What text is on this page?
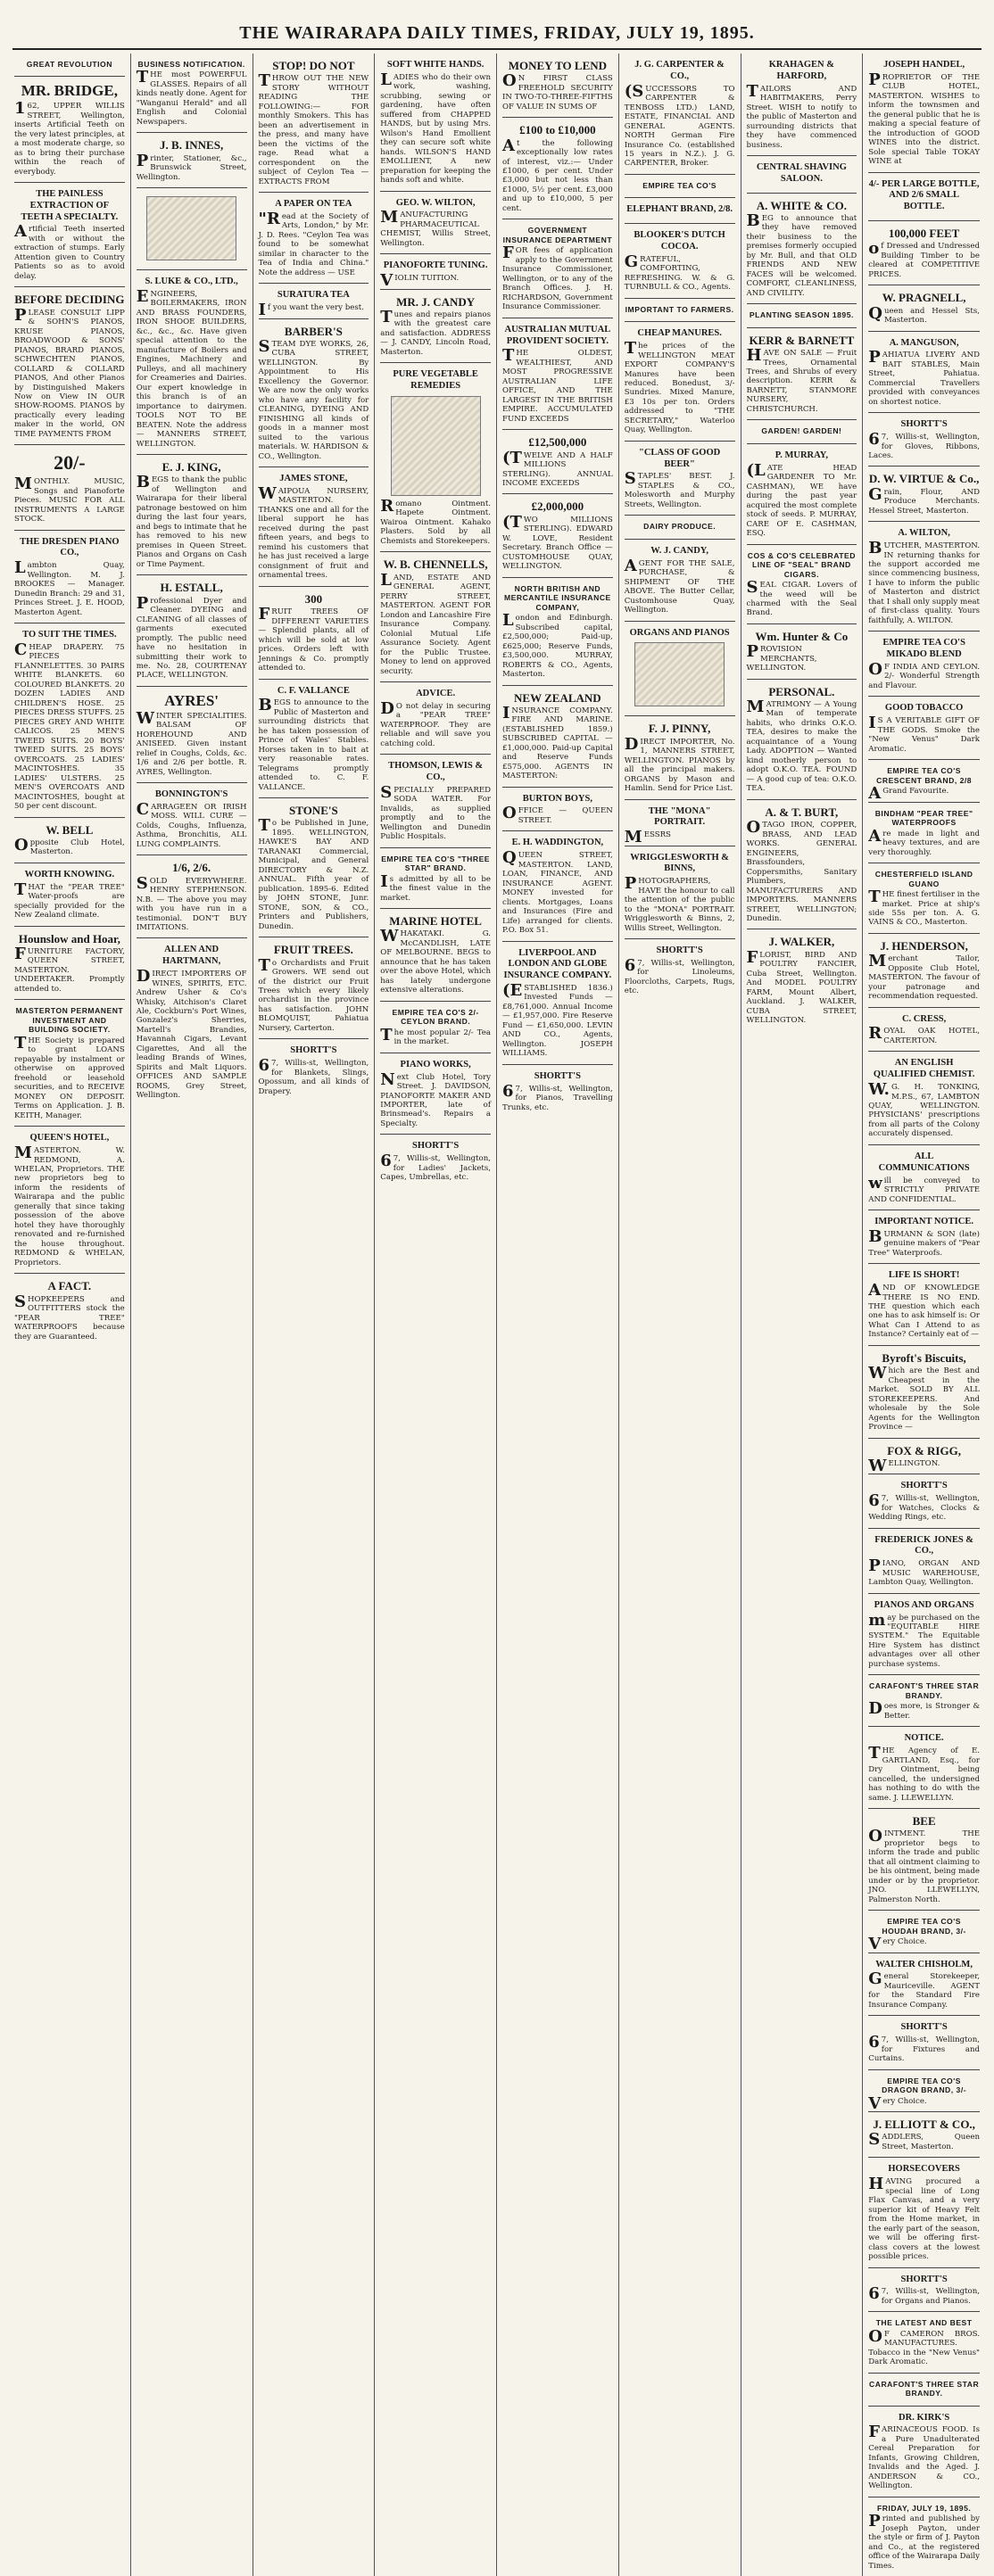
THE WAIRARAPA DAILY TIMES, FRIDAY, JULY 19, 1895.
GREAT REVOLUTION
MR. BRIDGE,
162, UPPER WILLIS STREET, Wellington, inserts Artificial Teeth on the very latest principles, at a most moderate charge, so as to bring their purchase within the reach of everybody.
THE PAINLESS EXTRACTION OF TEETH A SPECIALTY.
Artificial Teeth inserted with or without the extraction of stumps. Early Attention given to Country Patients so as to avoid delay.
BEFORE DECIDING
PLEASE CONSULT LIPP & SOHN'S PIANOS, KRUSE PIANOS, BROADWOOD & SONS' PIANOS, BRARD PIANOS, SCHWECHTEN PIANOS, COLLARD & COLLARD PIANOS, And other Pianos by Distinguished Makers Now on View IN OUR SHOW-ROOMS. PIANOS by practically every leading maker in the world, ON TIME PAYMENTS FROM
20/-
MONTHLY. MUSIC, Songs and Pianoforte Pieces. MUSIC FOR ALL INSTRUMENTS A LARGE STOCK.
THE DRESDEN PIANO CO.,
Lambton Quay, Wellington. M. J. BROOKES — Manager. Dunedin Branch: 29 and 31, Princes Street. J. E. HOOD, Masterton Agent.
TO SUIT THE TIMES.
CHEAP DRAPERY. 75 PIECES FLANNELETTES. 30 PAIRS WHITE BLANKETS. 60 COLOURED BLANKETS. 20 DOZEN LADIES AND CHILDREN'S HOSE. 25 PIECES DRESS STUFFS. 25 PIECES GREY AND WHITE CALICOS. 25 MEN'S TWEED SUITS. 20 BOYS' TWEED SUITS. 25 BOYS' OVERCOATS. 25 LADIES' MACINTOSHES. 35 LADIES' ULSTERS. 25 MEN'S OVERCOATS AND MACINTOSHES, bought at 50 per cent discount.
W. BELL
Opposite Club Hotel, Masterton.
WORTH KNOWING.
THAT the "PEAR TREE" Water-proofs are specially provided for the New Zealand climate.
Hounslow and Hoar,
FURNITURE FACTORY, QUEEN STREET, MASTERTON. UNDERTAKER. Promptly attended to.
MASTERTON PERMANENT INVESTMENT AND BUILDING SOCIETY.
THE Society is prepared to grant LOANS repayable by instalment or otherwise on approved freehold or leasehold securities, and to RECEIVE MONEY ON DEPOSIT. Terms on Application. J. B. KEITH, Manager.
QUEEN'S HOTEL,
MASTERTON. W. REDMOND, A. WHELAN, Proprietors. THE new proprietors beg to inform the residents of Wairarapa and the public generally that since taking possession of the above hotel they have thoroughly renovated and re-furnished the house throughout. REDMOND & WHELAN, Proprietors.
A FACT.
SHOPKEEPERS and OUTFITTERS stock the "PEAR TREE" WATERPROOFS because they are Guaranteed.
BUSINESS NOTIFICATION.
THE most POWERFUL GLASSES. Repairs of all kinds neatly done. Agent for "Wanganui Herald" and all English and Colonial Newspapers.
J. B. INNES,
Printer, Stationer, &c., Brunswick Street, Wellington.
S. LUKE & CO., LTD.,
ENGINEERS, BOILERMAKERS, IRON AND BRASS FOUNDERS, IRON SHOOE BUILDERS, &c., &c., &c. Have given special attention to the manufacture of Boilers and Engines, Machinery and Pulleys, and all machinery for Creameries and Dairies. Our expert knowledge in this branch is of an importance to dairymen. TOOLS NOT TO BE BEATEN. Note the address — MANNERS STREET, WELLINGTON.
E. J. KING,
BEGS to thank the public of Wellington and Wairarapa for their liberal patronage bestowed on him during the last four years, and begs to intimate that he has removed to his new premises in Queen Street. Pianos and Organs on Cash or Time Payment.
H. ESTALL,
Professional Dyer and Cleaner. DYEING and CLEANING of all classes of garments executed promptly. The public need have no hesitation in submitting their work to me. No. 28, COURTENAY PLACE, WELLINGTON.
AYRES'
WINTER SPECIALITIES. BALSAM OF HOREHOUND AND ANISEED. Given instant relief in Coughs, Colds, &c. 1/6 and 2/6 per bottle. R. AYRES, Wellington.
BONNINGTON'S
CARRAGEEN OR IRISH MOSS. WILL CURE — Colds, Coughs, Influenza, Asthma, Bronchitis, ALL LUNG COMPLAINTS.
1/6, 2/6.
SOLD EVERYWHERE. HENRY STEPHENSON. N.B. — The above you may with you have run in a testimonial. DON'T BUY IMITATIONS.
ALLEN AND HARTMANN,
DIRECT IMPORTERS OF WINES, SPIRITS, ETC. Andrew Usher & Co's Whisky, Aitchison's Claret Ale, Cockburn's Port Wines, Gonzalez's Sherries, Martell's Brandies, Havannah Cigars, Levant Cigarettes, And all the leading Brands of Wines, Spirits and Malt Liquors. OFFICES AND SAMPLE ROOMS, Grey Street, Wellington.
STOP! DO NOT
THROW OUT THE NEW STORY WITHOUT READING THE FOLLOWING:— FOR monthly Smokers. This has been an advertisement in the press, and many have been the victims of the rage. Read what a correspondent on the subject of Ceylon Tea — EXTRACTS FROM
A PAPER ON TEA
"Read at the Society of Arts, London," by Mr. J. D. Rees. "Ceylon Tea was found to be somewhat similar in character to the Tea of India and China." Note the address — USE
SURATURA TEA
If you want the very best.
BARBER'S
STEAM DYE WORKS, 26, CUBA STREET, WELLINGTON. By Appointment to His Excellency the Governor. We are now the only works who have any facility for CLEANING, DYEING AND FINISHING all kinds of goods in a manner most suited to the various materials. W. HARDISON & CO., Wellington.
JAMES STONE,
WAIPOUA NURSERY, MASTERTON. THANKS one and all for the liberal support he has received during the past fifteen years, and begs to remind his customers that he has just received a large consignment of fruit and ornamental trees.
300
FRUIT TREES OF DIFFERENT VARIETIES — Splendid plants, all of which will be sold at low prices. Orders left with Jennings & Co. promptly attended to.
C. F. VALLANCE
BEGS to announce to the Public of Masterton and surrounding districts that he has taken possession of Prince of Wales' Stables. Horses taken in to bait at very reasonable rates. Telegrams promptly attended to. C. F. VALLANCE.
STONE'S
To be Published in June, 1895. WELLINGTON, HAWKE'S BAY AND TARANAKI Commercial, Municipal, and General DIRECTORY & N.Z. ANNUAL. Fifth year of publication. 1895-6. Edited by JOHN STONE, Junr. STONE, SON, & CO., Printers and Publishers, Dunedin.
FRUIT TREES.
To Orchardists and Fruit Growers. WE send out of the district our Fruit Trees which every likely orchardist in the province has satisfaction. JOHN BLOMQUIST, Pahiatua Nursery, Carterton.
SHORTT'S
67, Willis-st, Wellington, for Blankets, Slings, Opossum, and all kinds of Drapery.
SOFT WHITE HANDS.
LADIES who do their own work, washing, scrubbing, sewing or gardening, have often suffered from CHAPPED HANDS, but by using Mrs. Wilson's Hand Emollient they can secure soft white hands. WILSON'S HAND EMOLLIENT, A new preparation for keeping the hands soft and white.
GEO. W. WILTON,
MANUFACTURING PHARMACEUTICAL CHEMIST, Willis Street, Wellington.
PIANOFORTE TUNING.
VIOLIN TUITION.
MR. J. CANDY
Tunes and repairs pianos with the greatest care and satisfaction. ADDRESS — J. CANDY, Lincoln Road, Masterton.
PURE VEGETABLE REMEDIES
Romano Ointment. Hapete Ointment. Wairoa Ointment. Kahako Plasters. Sold by all Chemists and Storekeepers.
W. B. CHENNELLS,
LAND, ESTATE AND GENERAL AGENT, PERRY STREET, MASTERTON. AGENT FOR London and Lancashire Fire Insurance Company. Colonial Mutual Life Assurance Society. Agent for the Public Trustee. Money to lend on approved security.
ADVICE.
DO not delay in securing a "PEAR TREE" WATERPROOF. They are reliable and will save you catching cold.
THOMSON, LEWIS & CO.,
SPECIALLY PREPARED SODA WATER. For Invalids, as supplied promptly and to the Wellington and Dunedin Public Hospitals.
EMPIRE TEA CO'S "THREE STAR" BRAND.
Is admitted by all to be the finest value in the market.
MARINE HOTEL
WHAKATAKI. G. McCANDLISH, LATE OF MELBOURNE. BEGS to announce that he has taken over the above Hotel, which has lately undergone extensive alterations.
EMPIRE TEA CO'S 2/- CEYLON BRAND.
The most popular 2/- Tea in the market.
PIANO WORKS,
Next Club Hotel, Tory Street. J. DAVIDSON, PIANOFORTE MAKER AND IMPORTER, late of Brinsmead's. Repairs a Specialty.
SHORTT'S
67, Willis-st, Wellington, for Ladies' Jackets, Capes, Umbrellas, etc.
MONEY TO LEND
ON FIRST CLASS FREEHOLD SECURITY IN TWO-TO-THREE-FIFTHS OF VALUE IN SUMS OF
£100 to £10,000
At the following exceptionally low rates of interest, viz.:— Under £1000, 6 per cent. Under £3,000 but not less than £1000, 5½ per cent. £3,000 and up to £10,000, 5 per cent.
GOVERNMENT INSURANCE DEPARTMENT
FOR fees of application apply to the Government Insurance Commissioner, Wellington, or to any of the Branch Offices. J. H. RICHARDSON, Government Insurance Commissioner.
AUSTRALIAN MUTUAL PROVIDENT SOCIETY.
THE OLDEST, WEALTHIEST, AND MOST PROGRESSIVE AUSTRALIAN LIFE OFFICE, AND THE LARGEST IN THE BRITISH EMPIRE. ACCUMULATED FUND EXCEEDS
£12,500,000
(TWELVE AND A HALF MILLIONS STERLING). ANNUAL INCOME EXCEEDS
£2,000,000
(TWO MILLIONS STERLING). EDWARD W. LOVE, Resident Secretary. Branch Office — CUSTOMHOUSE QUAY, WELLINGTON.
NORTH BRITISH AND MERCANTILE INSURANCE COMPANY,
London and Edinburgh. Subscribed capital, £2,500,000; Paid-up, £625,000; Reserve Funds, £3,500,000. MURRAY, ROBERTS & CO., Agents, Masterton.
NEW ZEALAND
INSURANCE COMPANY. FIRE AND MARINE. (ESTABLISHED 1859.) SUBSCRIBED CAPITAL — £1,000,000. Paid-up Capital and Reserve Funds £575,000. AGENTS IN MASTERTON:
BURTON BOYS,
OFFICE — QUEEN STREET.
E. H. WADDINGTON,
QUEEN STREET, MASTERTON. LAND, LOAN, FINANCE, AND INSURANCE AGENT. MONEY invested for clients. Mortgages, Loans and Insurances (Fire and Life) arranged for clients. P.O. Box 51.
LIVERPOOL AND LONDON AND GLOBE INSURANCE COMPANY.
(ESTABLISHED 1836.) Invested Funds — £8,761,000. Annual Income — £1,957,000. Fire Reserve Fund — £1,650,000. LEVIN AND CO., Agents, Wellington. JOSEPH WILLIAMS.
SHORTT'S
67, Willis-st, Wellington, for Pianos, Travelling Trunks, etc.
J. G. CARPENTER & CO.,
(SUCCESSORS TO CARPENTER & TENBOSS LTD.) LAND, ESTATE, FINANCIAL AND GENERAL AGENTS. NORTH German Fire Insurance Co. (established 15 years in N.Z.). J. G. CARPENTER, Broker.
EMPIRE TEA CO'S
ELEPHANT BRAND, 2/8.
BLOOKER'S DUTCH COCOA.
GRATEFUL, COMFORTING, REFRESHING. W. & G. TURNBULL & CO., Agents.
IMPORTANT TO FARMERS.
CHEAP MANURES.
The prices of the WELLINGTON MEAT EXPORT COMPANY'S Manures have been reduced. Bonedust, 3/- Sundries. Mixed Manure, £3 10s per ton. Orders addressed to "THE SECRETARY," Waterloo Quay, Wellington.
"CLASS OF GOOD BEER"
STAPLES' BEST. J. STAPLES & CO., Molesworth and Murphy Streets, Wellington.
DAIRY PRODUCE.
W. J. CANDY,
AGENT FOR THE SALE, PURCHASE, & SHIPMENT OF THE ABOVE. The Butter Cellar, Customhouse Quay, Wellington.
ORGANS AND PIANOS
F. J. PINNY,
DIRECT IMPORTER, No. 1, MANNERS STREET, WELLINGTON. PIANOS by all the principal makers. ORGANS by Mason and Hamlin. Send for Price List.
THE "MONA" PORTRAIT.
MESSRS
WRIGGLESWORTH & BINNS,
PHOTOGRAPHERS, HAVE the honour to call the attention of the public to the "MONA" PORTRAIT. Wrigglesworth & Binns, 2, Willis Street, Wellington.
SHORTT'S
67, Willis-st, Wellington, for Linoleums, Floorcloths, Carpets, Rugs, etc.
KRAHAGEN & HARFORD,
TAILORS AND HABITMAKERS, Perry Street. WISH to notify to the public of Masterton and surrounding districts that they have commenced business.
CENTRAL SHAVING SALOON.
A. WHITE & CO.
BEG to announce that they have removed their business to the premises formerly occupied by Mr. Bull, and that OLD FRIENDS AND NEW FACES will be welcomed. COMFORT, CLEANLINESS, AND CIVILITY.
PLANTING SEASON 1895.
KERR & BARNETT
HAVE ON SALE — Fruit Trees, Ornamental Trees, and Shrubs of every description. KERR & BARNETT, STANMORE NURSERY, CHRISTCHURCH.
GARDEN! GARDEN!
P. MURRAY,
(LATE HEAD GARDENER TO Mr. CASHMAN), WE have during the past year acquired the most complete stock of seeds. P. MURRAY, CARE OF E. CASHMAN, ESQ.
COS & CO'S CELEBRATED LINE OF "SEAL" BRAND CIGARS.
SEAL CIGAR. Lovers of the weed will be charmed with the Seal Brand.
Wm. Hunter & Co
PROVISION MERCHANTS, WELLINGTON.
PERSONAL.
MATRIMONY — A Young Man of temperate habits, who drinks O.K.O. TEA, desires to make the acquaintance of a Young Lady. ADOPTION — Wanted kind motherly person to adopt O.K.O. TEA. FOUND — A good cup of tea: O.K.O. TEA.
A. & T. BURT,
OTAGO IRON, COPPER, BRASS, AND LEAD WORKS. GENERAL ENGINEERS, Brassfounders, Coppersmiths, Sanitary Plumbers, MANUFACTURERS AND IMPORTERS. MANNERS STREET, WELLINGTON; Dunedin.
J. WALKER,
FLORIST, BIRD AND POULTRY FANCIER, Cuba Street, Wellington. And MODEL POULTRY FARM, Mount Albert, Auckland. J. WALKER, CUBA STREET, WELLINGTON.
JOSEPH HANDEL,
PROPRIETOR OF THE CLUB HOTEL, MASTERTON. WISHES to inform the townsmen and the general public that he is making a special feature of the introduction of GOOD WINES into the district. Sole special Table TOKAY WINE at
4/- PER LARGE BOTTLE, AND 2/6 SMALL BOTTLE.
100,000 FEET
of Dressed and Undressed Building Timber to be cleared at COMPETITIVE PRICES.
W. PRAGNELL,
Queen and Hessel Sts, Masterton.
A. MANGUSON,
PAHIATUA LIVERY AND BAIT STABLES, Main Street, Pahiatua. Commercial Travellers provided with conveyances on shortest notice.
SHORTT'S
67, Willis-st, Wellington, for Gloves, Ribbons, Laces.
D. W. VIRTUE & Co.,
Grain, Flour, AND Produce Merchants. Hessel Street, Masterton.
A. WILTON,
BUTCHER, MASTERTON. IN returning thanks for the support accorded me since commencing business, I have to inform the public of Masterton and district that I shall only supply meat of first-class quality. Yours faithfully, A. WILTON.
EMPIRE TEA CO'S MIKADO BLEND
OF INDIA AND CEYLON. 2/- Wonderful Strength and Flavour.
GOOD TOBACCO
IS A VERITABLE GIFT OF THE GODS. Smoke the "New Venus" Dark Aromatic.
EMPIRE TEA CO'S CRESCENT BRAND, 2/8
AGrand Favourite.
BINDHAM "PEAR TREE" WATERPROOFS
Are made in light and heavy textures, and are very thoroughly.
CHESTERFIELD ISLAND GUANO
THE finest fertiliser in the market. Price at ship's side 55s per ton. A. G. VAINS & CO., Masterton.
J. HENDERSON,
Merchant Tailor, Opposite Club Hotel, MASTERTON. The favour of your patronage and recommendation requested.
C. CRESS,
ROYAL OAK HOTEL, CARTERTON.
AN ENGLISH QUALIFIED CHEMIST.
W.G. H. TONKING, M.P.S., 67, LAMBTON QUAY, WELLINGTON. PHYSICIANS' prescriptions from all parts of the Colony accurately dispensed.
ALL COMMUNICATIONS
will be conveyed to STRICTLY PRIVATE AND CONFIDENTIAL.
IMPORTANT NOTICE.
BURMANN & SON (late) genuine makers of "Pear Tree" Waterproofs.
LIFE IS SHORT!
AND OF KNOWLEDGE THERE IS NO END. THE question which each one has to ask himself is: Or What Can I Attend to as Instance? Certainly eat of —
Byroft's Biscuits,
Which are the Best and Cheapest in the Market. SOLD BY ALL STOREKEEPERS. And wholesale by the Sole Agents for the Wellington Province —
FOX & RIGG,
WELLINGTON.
SHORTT'S
67, Willis-st, Wellington, for Watches, Clocks & Wedding Rings, etc.
FREDERICK JONES & CO.,
PIANO, ORGAN AND MUSIC WAREHOUSE, Lambton Quay, Wellington.
PIANOS AND ORGANS
may be purchased on the "EQUITABLE HIRE SYSTEM." The Equitable Hire System has distinct advantages over all other purchase systems.
CARAFONT'S THREE STAR BRANDY.
Does more, is Stronger & Better.
NOTICE.
THE Agency of E. GARTLAND, Esq., for Dry Ointment, being cancelled, the undersigned has nothing to do with the same. J. LLEWELLYN.
BEE
OINTMENT. THE proprietor begs to inform the trade and public that all ointment claiming to be his ointment, being made under or by the proprietor. JNO. LLEWELLYN, Palmerston North.
EMPIRE TEA CO'S HOUDAH BRAND, 3/-
Very Choice.
WALTER CHISHOLM,
General Storekeeper, Mauriceville. AGENT for the Standard Fire Insurance Company.
SHORTT'S
67, Willis-st, Wellington, for Fixtures and Curtains.
EMPIRE TEA CO'S DRAGON BRAND, 3/-
Very Choice.
J. ELLIOTT & CO.,
SADDLERS, Queen Street, Masterton.
HORSECOVERS
HAVING procured a special line of Long Flax Canvas, and a very superior kit of Heavy Felt from the Home market, in the early part of the season, we will be offering first-class covers at the lowest possible prices.
SHORTT'S
67, Willis-st, Wellington, for Organs and Pianos.
THE LATEST AND BEST
OF CAMERON BROS. MANUFACTURES. Tobacco in the "New Venus" Dark Aromatic.
CARAFONT'S THREE STAR BRANDY.
DR. KIRK'S
FARINACEOUS FOOD. Is a Pure Unadulterated Cereal Preparation for Infants, Growing Children, Invalids and the Aged. J. ANDERSON & CO., Wellington.
FRIDAY, JULY 19, 1895.
Printed and published by Joseph Payton, under the style or firm of J. Payton and Co., at the registered office of the Wairarapa Daily Times.
